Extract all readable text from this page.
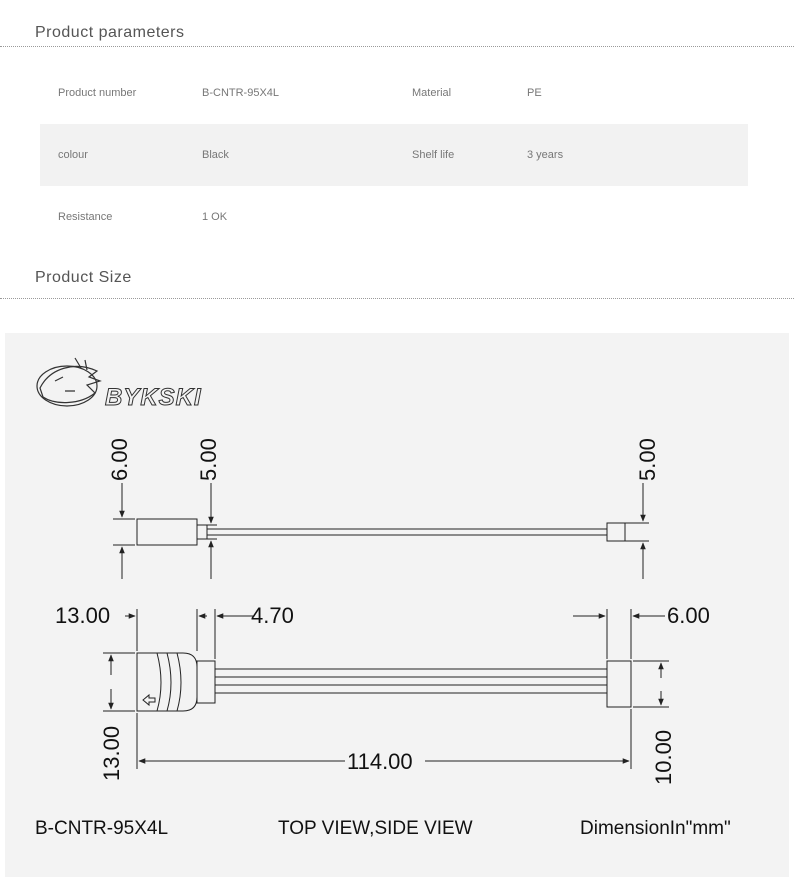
Product parameters
Product number	B-CNTR-95X4L	Material	PE
colour	Black	Shelf life	3 years
Resistance	1 OK
Product Size
BYKSKI
6.00	5.00	5.00
13.00	4.70	6.00
13.00	114.00	10.00
B-CNTR-95X4L	TOP VIEW,SIDE VIEW	DimensionIn"mm"
